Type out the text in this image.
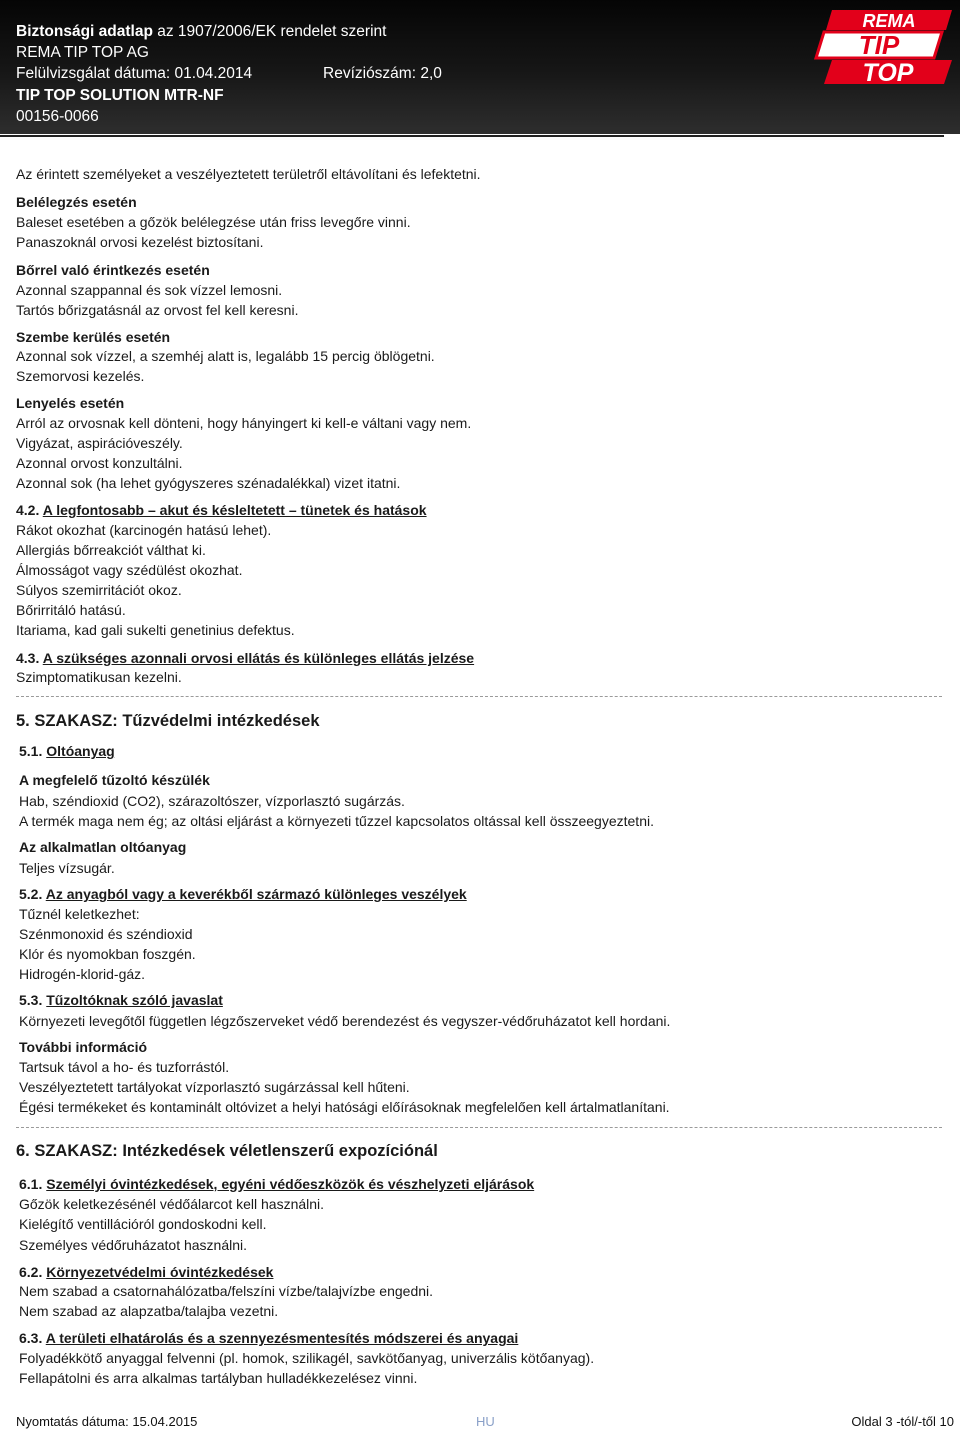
Biztonsági adatlap az 1907/2006/EK rendelet szerint
REMA TIP TOP AG
Felülvizsgálat dátuma: 01.04.2014	Revíziószám: 2,0
TIP TOP SOLUTION MTR-NF
00156-0066
REMA
TIP
TOP
Az érintett személyeket a veszélyeztetett területről eltávolítani és lefektetni.
Belélegzés esetén
Baleset esetében a gőzök belélegzése után friss levegőre vinni.
Panaszoknál orvosi kezelést biztosítani.
Bőrrel való érintkezés esetén
Azonnal szappannal és sok vízzel lemosni.
Tartós bőrizgatásnál az orvost fel kell keresni.
Szembe kerülés esetén
Azonnal sok vízzel, a szemhéj alatt is, legalább 15 percig öblögetni.
Szemorvosi kezelés.
Lenyelés esetén
Arról az orvosnak kell dönteni, hogy hányingert ki kell-e váltani vagy nem.
Vigyázat, aspirációveszély.
Azonnal orvost konzultálni.
Azonnal sok (ha lehet gyógyszeres szénadalékkal) vizet itatni.
4.2. A legfontosabb – akut és késleltetett – tünetek és hatások
Rákot okozhat (karcinogén hatású lehet).
Allergiás bőrreakciót válthat ki.
Álmosságot vagy szédülést okozhat.
Súlyos szemirritációt okoz.
Bőrirritáló hatású.
Itariama, kad gali sukelti genetinius defektus.
4.3. A szükséges azonnali orvosi ellátás és különleges ellátás jelzése
Szimptomatikusan kezelni.
5. SZAKASZ: Tűzvédelmi intézkedések
5.1. Oltóanyag
A megfelelő tűzoltó készülék
Hab, széndioxid (CO2), szárazoltószer, vízporlasztó sugárzás.
A termék maga nem ég; az oltási eljárást a környezeti tűzzel kapcsolatos oltással kell összeegyeztetni.
Az alkalmatlan oltóanyag
Teljes vízsugár.
5.2. Az anyagból vagy a keverékből származó különleges veszélyek
Tűznél keletkezhet:
Szénmonoxid és széndioxid
Klór és nyomokban foszgén.
Hidrogén-klorid-gáz.
5.3. Tűzoltóknak szóló javaslat
Környezeti levegőtől független légzőszerveket védő berendezést és vegyszer-védőruházatot kell hordani.
További információ
Tartsuk távol a ho- és tuzforrástól.
Veszélyeztetett tartályokat vízporlasztó sugárzással kell hűteni.
Égési termékeket és kontaminált oltóvizet a helyi hatósági előírásoknak megfelelően kell ártalmatlanítani.
6. SZAKASZ: Intézkedések véletlenszerű expozíciónál
6.1. Személyi óvintézkedések, egyéni védőeszközök és vészhelyzeti eljárások
Gőzök keletkezésénél védőálarcot kell használni.
Kielégítő ventillációról gondoskodni kell.
Személyes védőruházatot használni.
6.2. Környezetvédelmi óvintézkedések
Nem szabad a csatornahálózatba/felszíni vízbe/talajvízbe engedni.
Nem szabad az alapzatba/talajba vezetni.
6.3. A területi elhatárolás és a szennyezésmentesítés módszerei és anyagai
Folyadékkötő anyaggal felvenni (pl. homok, szilikagél, savkötőanyag, univerzális kötőanyag).
Fellapátolni és arra alkalmas tartályban hulladékkezelésez vinni.
Nyomtatás dátuma: 15.04.2015	HU	Oldal 3 -tól/-től 10
